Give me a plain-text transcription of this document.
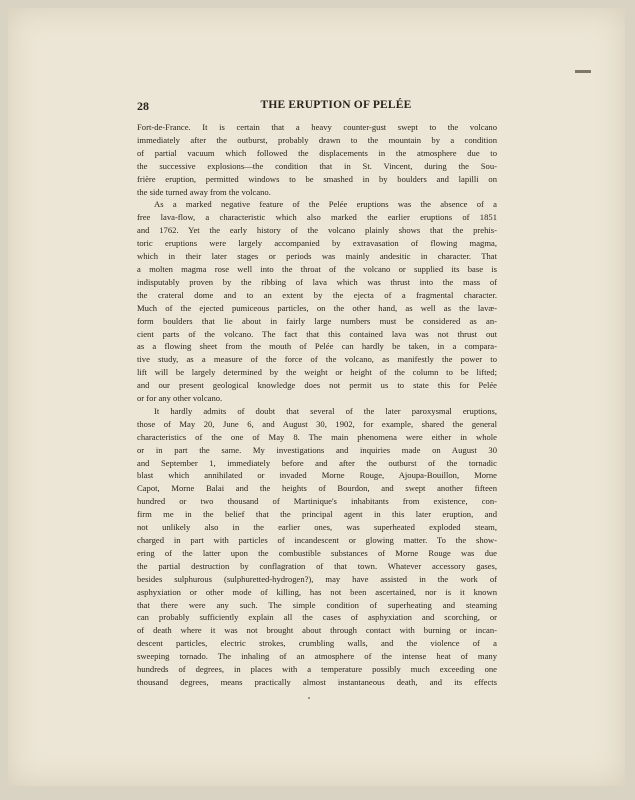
28	THE ERUPTION OF PELÉE
Fort-de-France. It is certain that a heavy counter-gust swept to the volcano
immediately after the outburst, probably drawn to the mountain by a condition
of partial vacuum which followed the displacements in the atmosphere due to
the successive explosions—the condition that in St. Vincent, during the Sou-
frière eruption, permitted windows to be smashed in by boulders and lapilli on
the side turned away from the volcano.
As a marked negative feature of the Pelée eruptions was the absence of a
free lava-flow, a characteristic which also marked the earlier eruptions of 1851
and 1762. Yet the early history of the volcano plainly shows that the prehis-
toric eruptions were largely accompanied by extravasation of flowing magma,
which in their later stages or periods was mainly andesitic in character. That
a molten magma rose well into the throat of the volcano or supplied its base is
indisputably proven by the ribbing of lava which was thrust into the mass of
the crateral dome and to an extent by the ejecta of a fragmental character.
Much of the ejected pumiceous particles, on the other hand, as well as the lavæ-
form boulders that lie about in fairly large numbers must be considered as an-
cient parts of the volcano. The fact that this contained lava was not thrust out
as a flowing sheet from the mouth of Pelée can hardly be taken, in a compara-
tive study, as a measure of the force of the volcano, as manifestly the power to
lift will be largely determined by the weight or height of the column to be lifted;
and our present geological knowledge does not permit us to state this for Pelée
or for any other volcano.
It hardly admits of doubt that several of the later paroxysmal eruptions,
those of May 20, June 6, and August 30, 1902, for example, shared the general
characteristics of the one of May 8. The main phenomena were either in whole
or in part the same. My investigations and inquiries made on August 30
and September 1, immediately before and after the outburst of the tornadic
blast which annihilated or invaded Morne Rouge, Ajoupa-Bouillon, Morne
Capot, Morne Balai and the heights of Bourdon, and swept another fifteen
hundred or two thousand of Martinique's inhabitants from existence, con-
firm me in the belief that the principal agent in this later eruption, and
not unlikely also in the earlier ones, was superheated exploded steam,
charged in part with particles of incandescent or glowing matter. To the show-
ering of the latter upon the combustible substances of Morne Rouge was due
the partial destruction by conflagration of that town. Whatever accessory gases,
besides sulphurous (sulphuretted-hydrogen?), may have assisted in the work of
asphyxiation or other mode of killing, has not been ascertained, nor is it known
that there were any such. The simple condition of superheating and steaming
can probably sufficiently explain all the cases of asphyxiation and scorching, or
of death where it was not brought about through contact with burning or incan-
descent particles, electric strokes, crumbling walls, and the violence of a
sweeping tornado. The inhaling of an atmosphere of the intense heat of many
hundreds of degrees, in places with a temperature possibly much exceeding one
thousand degrees, means practically almost instantaneous death, and its effects
